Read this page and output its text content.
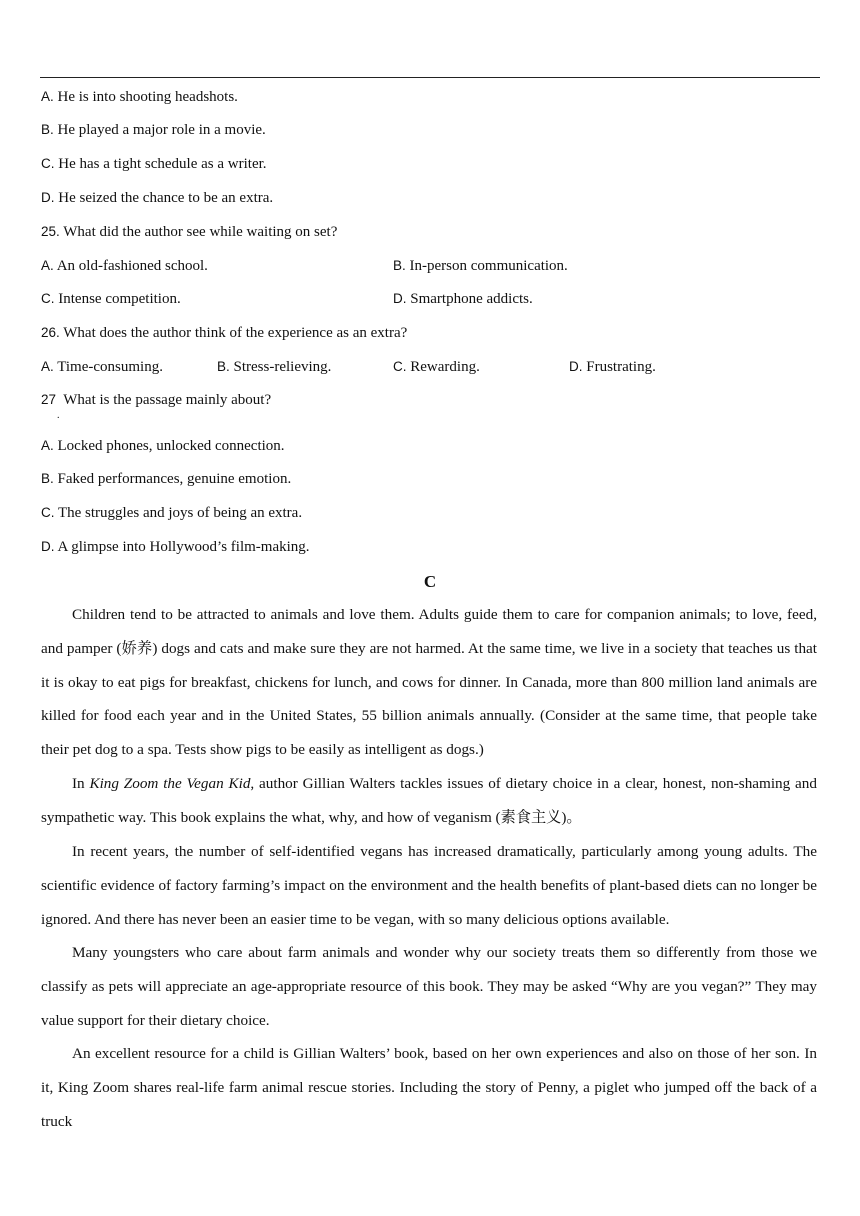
A. He is into shooting headshots.
B. He played a major role in a movie.
C. He has a tight schedule as a writer.
D. He seized the chance to be an extra.
25. What did the author see while waiting on set?
A. An old-fashioned school.	B. In-person communication.
C. Intense competition.	D. Smartphone addicts.
26. What does the author think of the experience as an extra?
A. Time-consuming.	B. Stress-relieving.	C. Rewarding.	D. Frustrating.
27 What is the passage mainly about?
.
A. Locked phones, unlocked connection.
B. Faked performances, genuine emotion.
C. The struggles and joys of being an extra.
D. A glimpse into Hollywood’s film-making.
C

Children tend to be attracted to animals and love them. Adults guide them to care for companion animals; to love, feed, and pamper (娇养) dogs and cats and make sure they are not harmed. At the same time, we live in a society that teaches us that it is okay to eat pigs for breakfast, chickens for lunch, and cows for dinner. In Canada, more than 800 million land animals are killed for food each year and in the United States, 55 billion animals annually. (Consider at the same time, that people take their pet dog to a spa. Tests show pigs to be easily as intelligent as dogs.)

In King Zoom the Vegan Kid, author Gillian Walters tackles issues of dietary choice in a clear, honest, non-shaming and sympathetic way. This book explains the what, why, and how of veganism (素食主义)。

In recent years, the number of self-identified vegans has increased dramatically, particularly among young adults. The scientific evidence of factory farming’s impact on the environment and the health benefits of plant-based diets can no longer be ignored. And there has never been an easier time to be vegan, with so many delicious options available.

Many youngsters who care about farm animals and wonder why our society treats them so differently from those we classify as pets will appreciate an age-appropriate resource of this book. They may be asked “Why are you vegan?” They may value support for their dietary choice.

An excellent resource for a child is Gillian Walters’ book, based on her own experiences and also on those of her son. In it, King Zoom shares real-life farm animal rescue stories. Including the story of Penny, a piglet who jumped off the back of a truck
